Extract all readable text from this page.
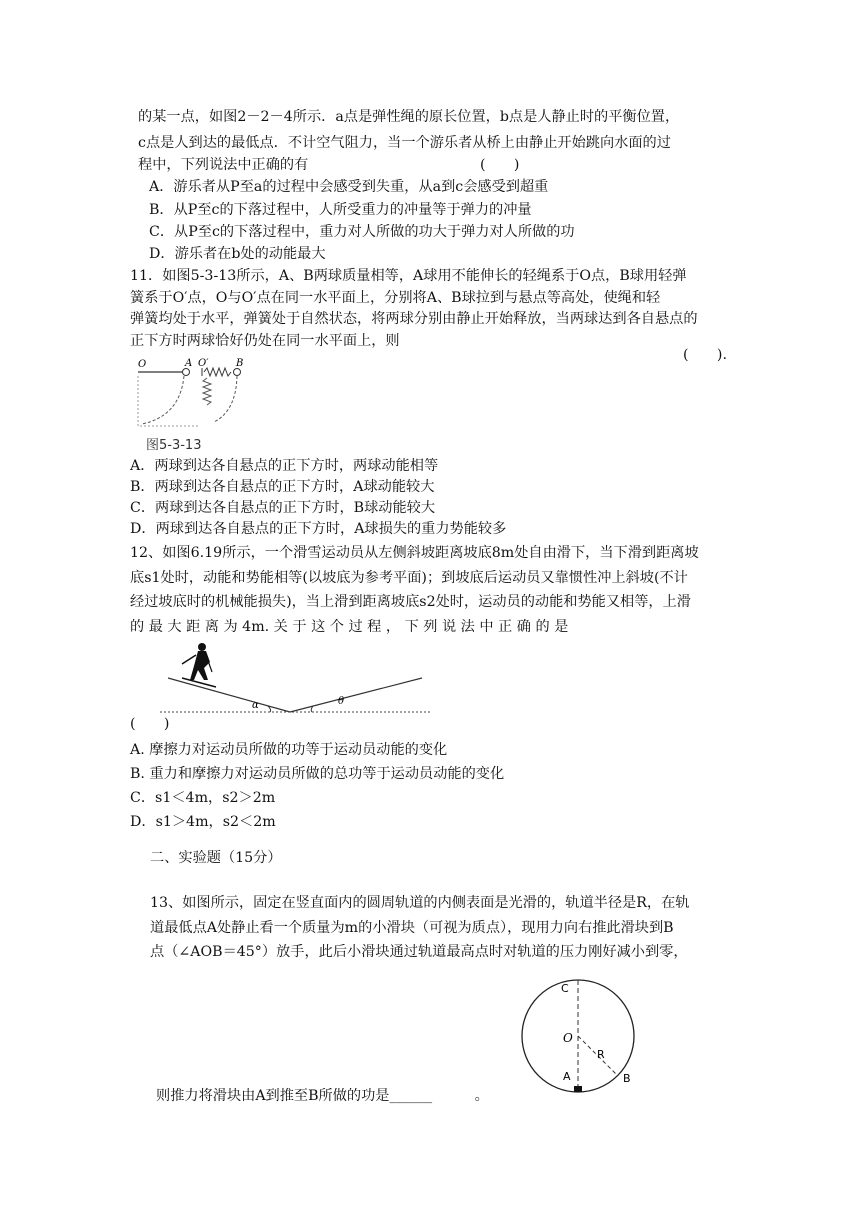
的某一点，如图2－2－4所示．a点是弹性绳的原长位置，b点是人静止时的平衡位置，
c点是人到达的最低点．不计空气阻力，当一个游乐者从桥上由静止开始跳向水面的过
程中，下列说法中正确的有	(　　)
A．游乐者从P至a的过程中会感受到失重，从a到c会感受到超重
B．从P至c的下落过程中，人所受重力的冲量等于弹力的冲量
C．从P至c的下落过程中，重力对人所做的功大于弹力对人所做的功
D．游乐者在b处的动能最大
11．如图5-3-13所示，A、B两球质量相等，A球用不能伸长的轻绳系于O点，B球用轻弹
簧系于O′点，O与O′点在同一水平面上，分别将A、B球拉到与悬点等高处，使绳和轻
弹簧均处于水平，弹簧处于自然状态，将两球分别由静止开始释放，当两球达到各自悬点的
正下方时两球恰好仍处在同一水平面上，则
(　　).
O	A O′	B
图5-3-13
A．两球到达各自悬点的正下方时，两球动能相等
B．两球到达各自悬点的正下方时，A球动能较大
C．两球到达各自悬点的正下方时，B球动能较大
D．两球到达各自悬点的正下方时，A球损失的重力势能较多
12、如图6.19所示，一个滑雪运动员从左侧斜坡距离坡底8m处自由滑下，当下滑到距离坡
底s1处时，动能和势能相等(以坡底为参考平面)；到坡底后运动员又靠惯性冲上斜坡(不计
经过坡底时的机械能损失)，当上滑到距离坡底s2处时，运动员的动能和势能又相等，上滑
的 最 大 距 离 为 4m. 关 于 这 个 过 程 ， 下 列 说 法 中 正 确 的 是
α	θ
(　　)
A. 摩擦力对运动员所做的功等于运动员动能的变化
B. 重力和摩擦力对运动员所做的总功等于运动员动能的变化
C．s1＜4m，s2＞2m
D．s1＞4m，s2＜2m
二、实验题（15分）
13、如图所示，固定在竖直面内的圆周轨道的内侧表面是光滑的，轨道半径是R，在轨
道最低点A处静止看一个质量为m的小滑块（可视为质点），现用力向右推此滑块到B
点（∠AOB＝45°）放手，此后小滑块通过轨道最高点时对轨道的压力刚好减小到零，
C
O
R
A	B
则推力将滑块由A到推至B所做的功是______　　　。
